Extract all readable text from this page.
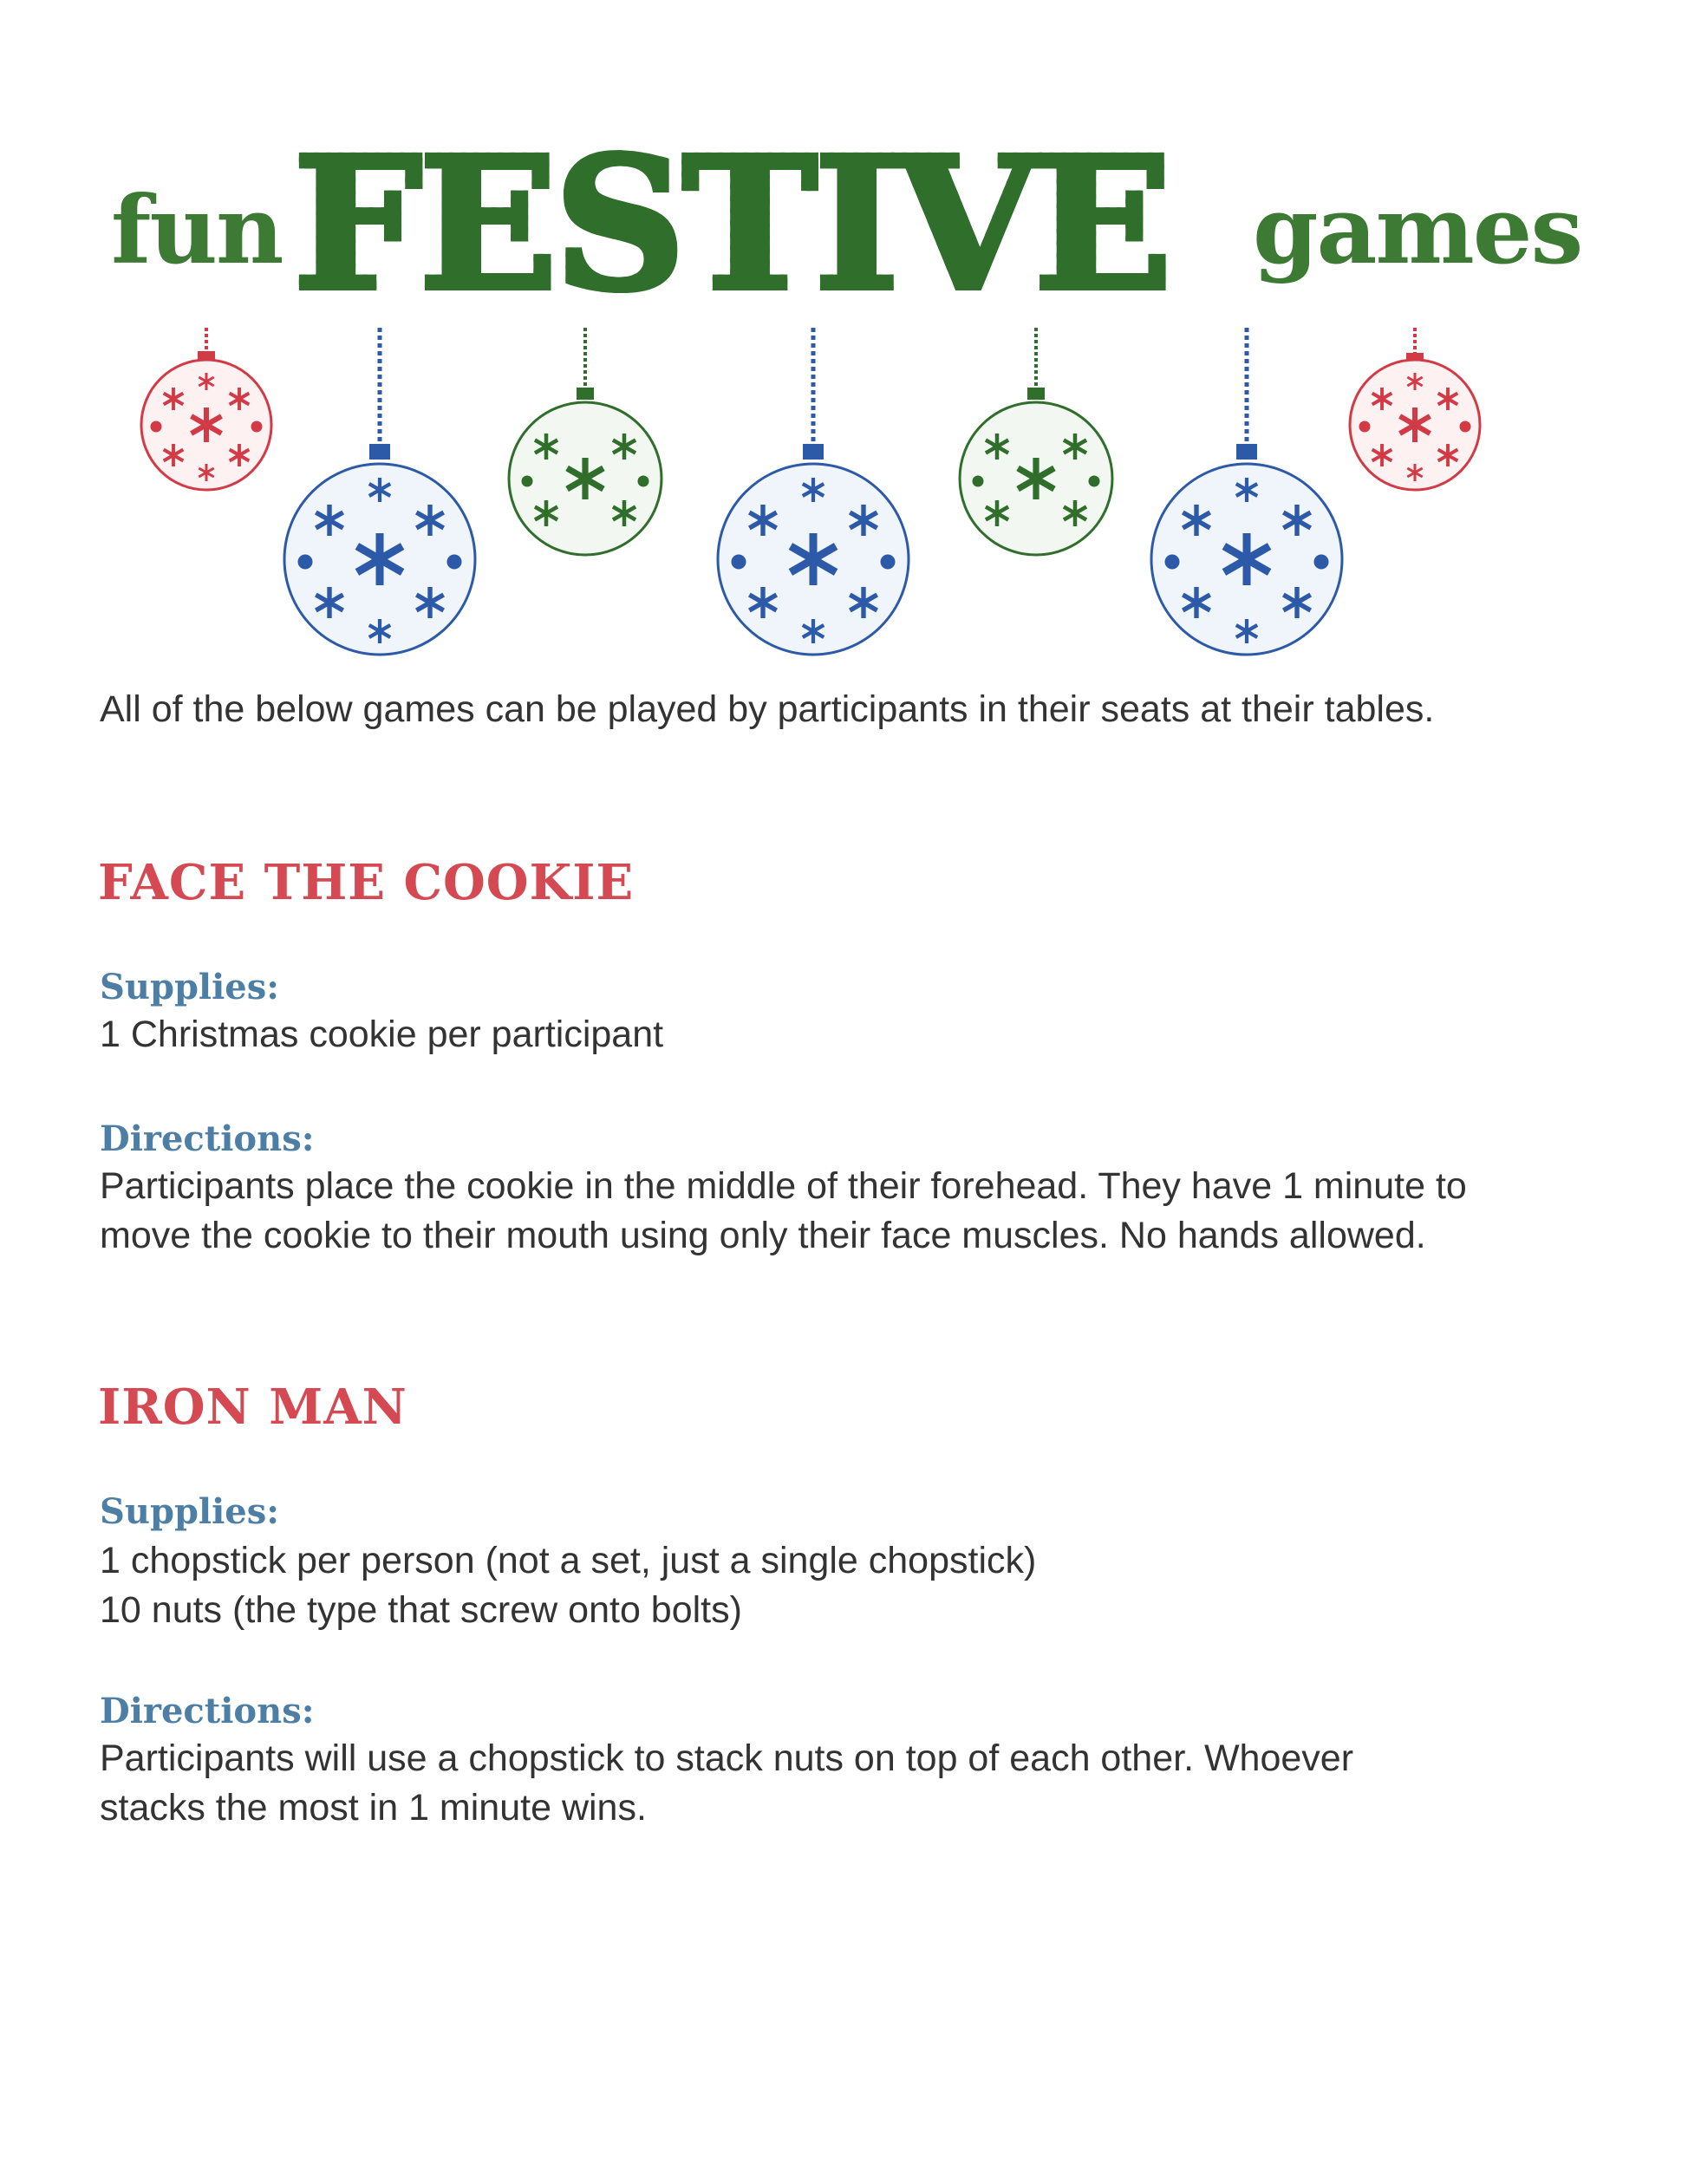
fun FESTIVE games

All of the below games can be played by participants in their seats at their tables.

FACE THE COOKIE

Supplies:

1 Christmas cookie per participant

Directions:

Participants place the cookie in the middle of their forehead. They have 1 minute to

move the cookie to their mouth using only their face muscles. No hands allowed.

IRON MAN

Supplies:

1 chopstick per person (not a set, just a single chopstick)

10 nuts (the type that screw onto bolts)

Directions:

Participants will use a chopstick to stack nuts on top of each other. Whoever

stacks the most in 1 minute wins.
